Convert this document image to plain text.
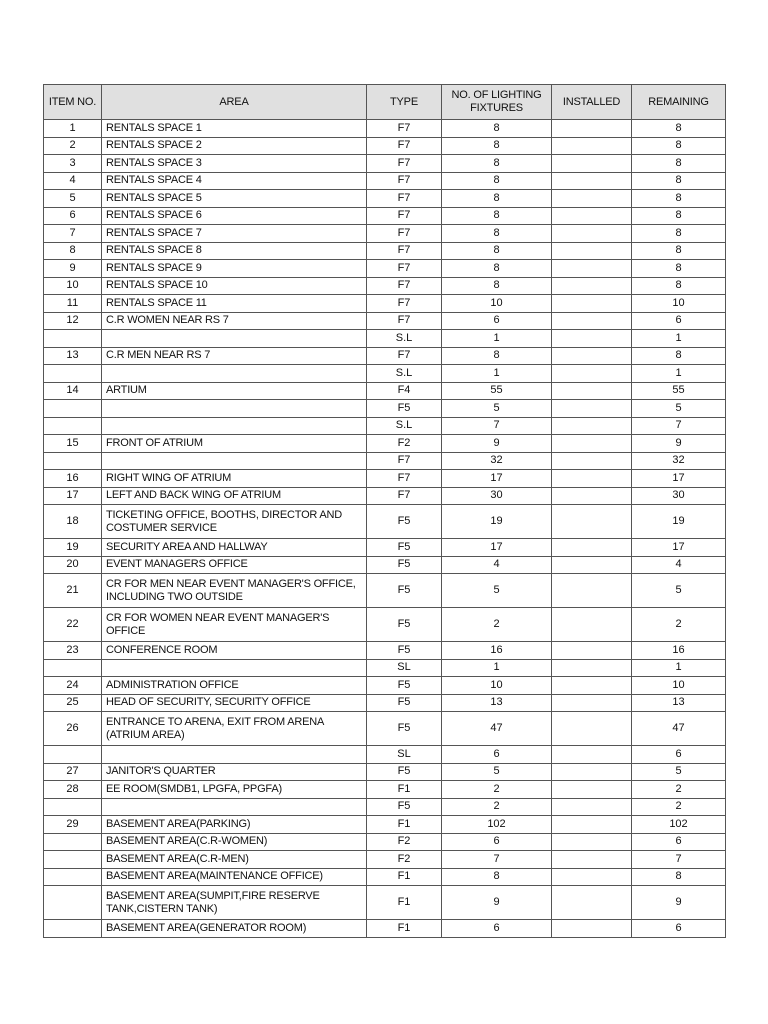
ITEM NO.	AREA	TYPE	NO. OF LIGHTING FIXTURES	INSTALLED	REMAINING
1	RENTALS SPACE 1	F7	8		8
2	RENTALS SPACE 2	F7	8		8
3	RENTALS SPACE 3	F7	8		8
4	RENTALS SPACE 4	F7	8		8
5	RENTALS SPACE 5	F7	8		8
6	RENTALS SPACE 6	F7	8		8
7	RENTALS SPACE 7	F7	8		8
8	RENTALS SPACE 8	F7	8		8
9	RENTALS SPACE 9	F7	8		8
10	RENTALS SPACE 10	F7	8		8
11	RENTALS SPACE 11	F7	10		10
12	C.R WOMEN NEAR RS 7	F7	6		6
		S.L	1		1
13	C.R MEN NEAR RS 7	F7	8		8
		S.L	1		1
14	ARTIUM	F4	55		55
		F5	5		5
		S.L	7		7
15	FRONT OF ATRIUM	F2	9		9
		F7	32		32
16	RIGHT WING OF ATRIUM	F7	17		17
17	LEFT AND BACK WING OF ATRIUM	F7	30		30
18	TICKETING OFFICE, BOOTHS, DIRECTOR AND COSTUMER SERVICE	F5	19		19
19	SECURITY AREA AND HALLWAY	F5	17		17
20	EVENT MANAGERS OFFICE	F5	4		4
21	CR FOR MEN NEAR EVENT MANAGER'S OFFICE, INCLUDING TWO OUTSIDE	F5	5		5
22	CR FOR WOMEN NEAR EVENT MANAGER'S OFFICE	F5	2		2
23	CONFERENCE ROOM	F5	16		16
		SL	1		1
24	ADMINISTRATION OFFICE	F5	10		10
25	HEAD OF SECURITY, SECURITY OFFICE	F5	13		13
26	ENTRANCE TO ARENA, EXIT FROM ARENA (ATRIUM AREA)	F5	47		47
		SL	6		6
27	JANITOR'S QUARTER	F5	5		5
28	EE ROOM(SMDB1, LPGFA, PPGFA)	F1	2		2
		F5	2		2
29	BASEMENT AREA(PARKING)	F1	102		102
	BASEMENT AREA(C.R-WOMEN)	F2	6		6
	BASEMENT AREA(C.R-MEN)	F2	7		7
	BASEMENT AREA(MAINTENANCE OFFICE)	F1	8		8
	BASEMENT AREA(SUMPIT,FIRE RESERVE TANK,CISTERN TANK)	F1	9		9
	BASEMENT AREA(GENERATOR ROOM)	F1	6		6
